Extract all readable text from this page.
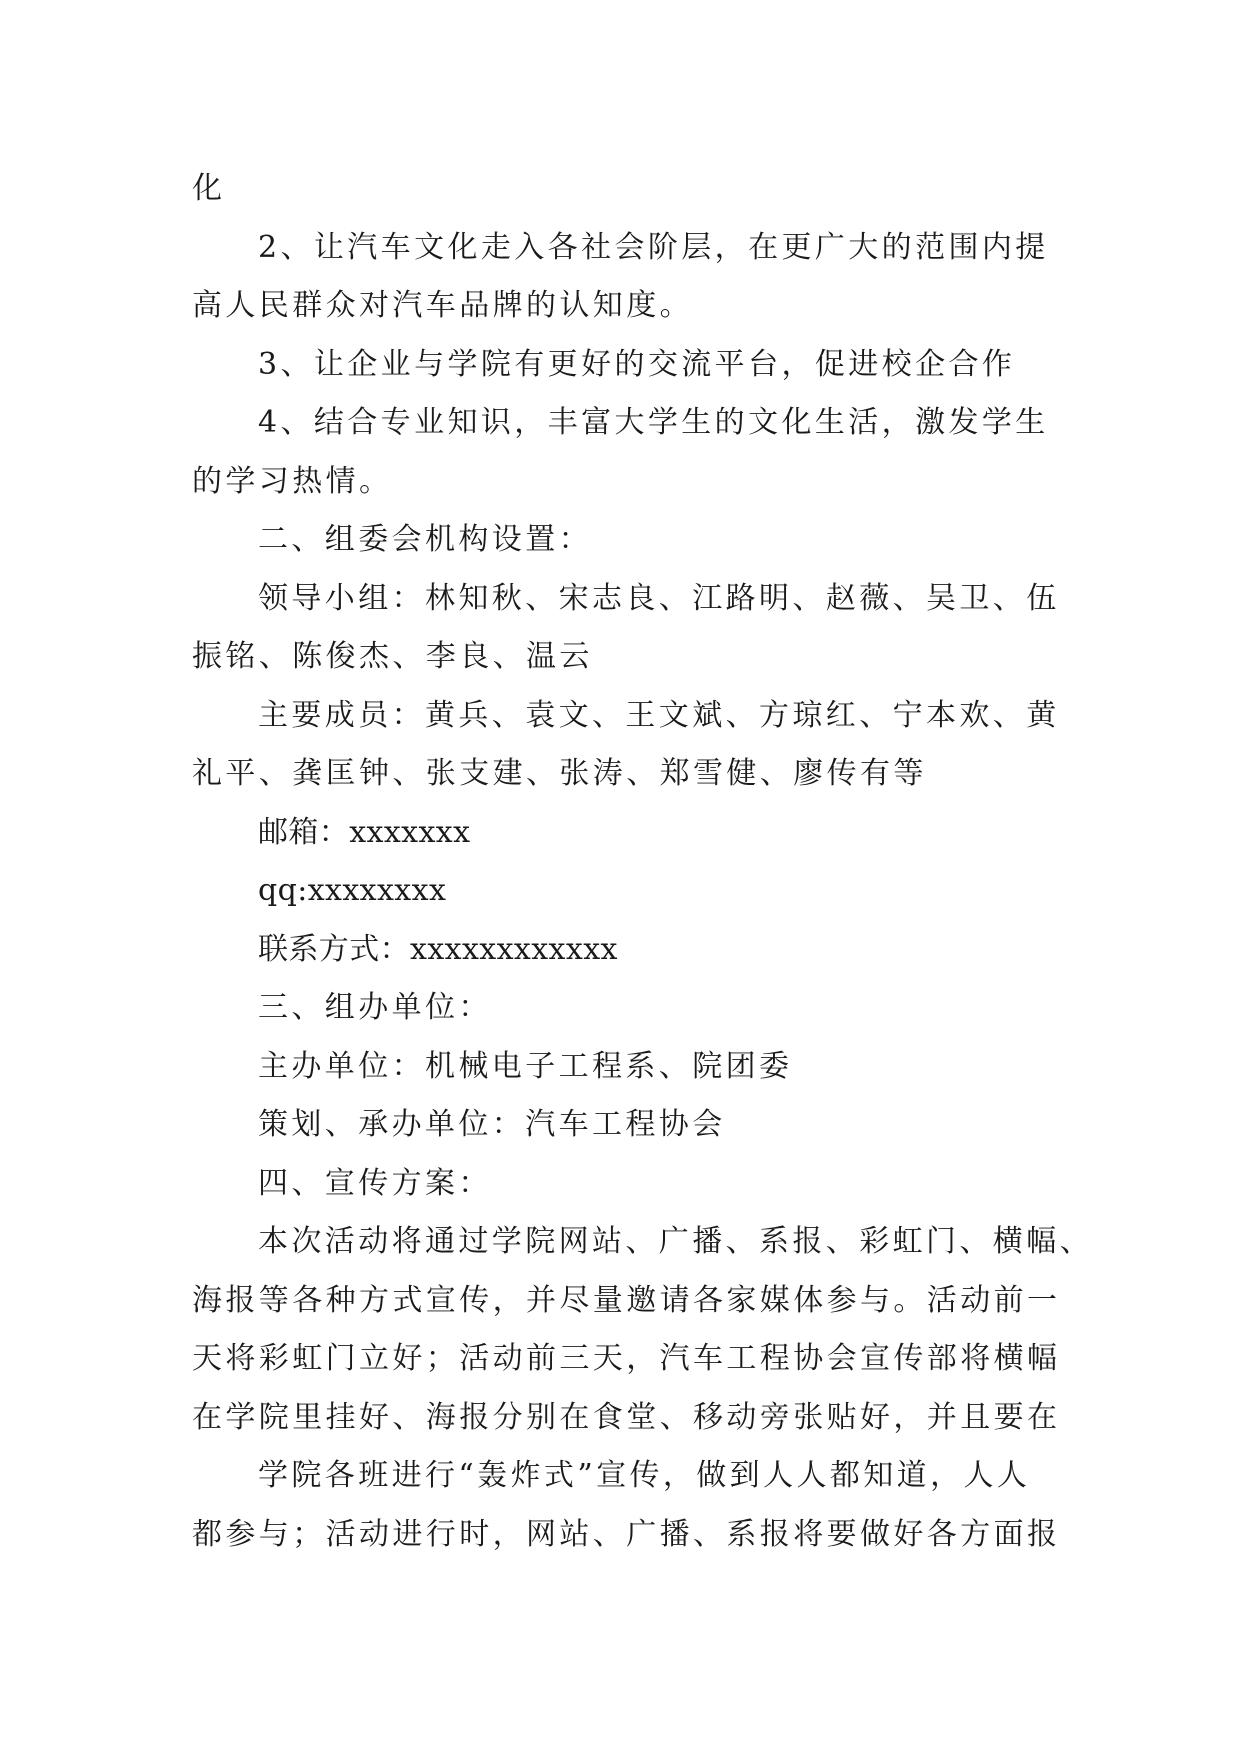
化

2、让汽车文化走入各社会阶层，在更广大的范围内提

高人民群众对汽车品牌的认知度。

3、让企业与学院有更好的交流平台，促进校企合作

4、结合专业知识，丰富大学生的文化生活，激发学生

的学习热情。

二、组委会机构设置：

领导小组：林知秋、宋志良、江路明、赵薇、吴卫、伍

振铭、陈俊杰、李良、温云

主要成员：黄兵、袁文、王文斌、方琼红、宁本欢、黄

礼平、龚匡钟、张支建、张涛、郑雪健、廖传有等

邮箱：xxxxxxx

qq:xxxxxxxx

联系方式：xxxxxxxxxxxx

三、组办单位：

主办单位：机械电子工程系、院团委

策划、承办单位：汽车工程协会

四、宣传方案：

本次活动将通过学院网站、广播、系报、彩虹门、横幅、

海报等各种方式宣传，并尽量邀请各家媒体参与。活动前一

天将彩虹门立好；活动前三天，汽车工程协会宣传部将横幅

在学院里挂好、海报分别在食堂、移动旁张贴好，并且要在

学院各班进行“轰炸式”宣传，做到人人都知道，人人

都参与；活动进行时，网站、广播、系报将要做好各方面报
